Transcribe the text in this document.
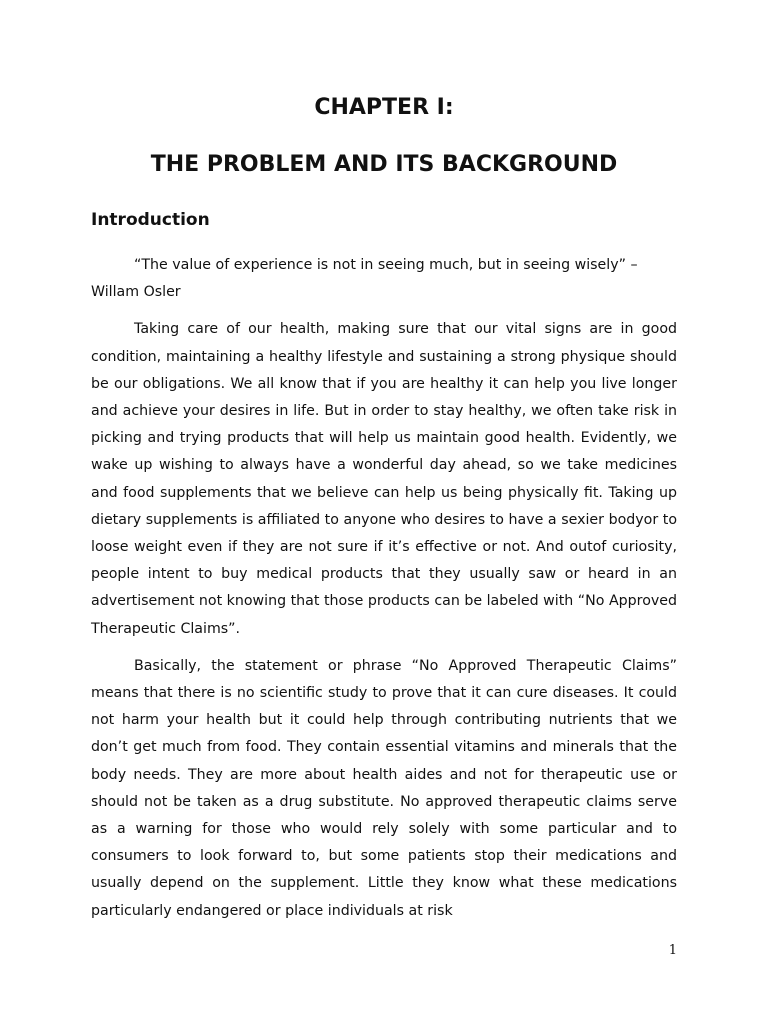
CHAPTER I:
THE PROBLEM AND ITS BACKGROUND
Introduction

“The value of experience is not in seeing much, but in seeing wisely” – Willam Osler

Taking care of our health, making sure that our vital signs are in good condition, maintaining a healthy lifestyle and sustaining a strong physique should be our obligations. We all know that if you are healthy it can help you live longer and achieve your desires in life. But in order to stay healthy, we often take risk in picking and trying products that will help us maintain good health. Evidently, we wake up wishing to always have a wonderful day ahead, so we take medicines and food supplements that we believe can help us being physically fit. Taking up dietary supplements is affiliated to anyone who desires to have a sexier bodyor to loose weight even if they are not sure if it’s effective or not. And outof curiosity, people intent to buy medical products that they usually saw or heard in an advertisement not knowing that those products can be labeled with “No Approved Therapeutic Claims”.

Basically, the statement or phrase “No Approved Therapeutic Claims” means that there is no scientific study to prove that it can cure diseases. It could not harm your health but it could help through contributing nutrients that we don’t get much from food. They contain essential vitamins and minerals that the body needs. They are more about health aides and not for therapeutic use or should not be taken as a drug substitute. No approved therapeutic claims serve as a warning for those who would rely solely with some particular and to consumers to look forward to, but some patients stop their medications and usually depend on the supplement. Little they know what these medications particularly endangered or place individuals at risk

1
